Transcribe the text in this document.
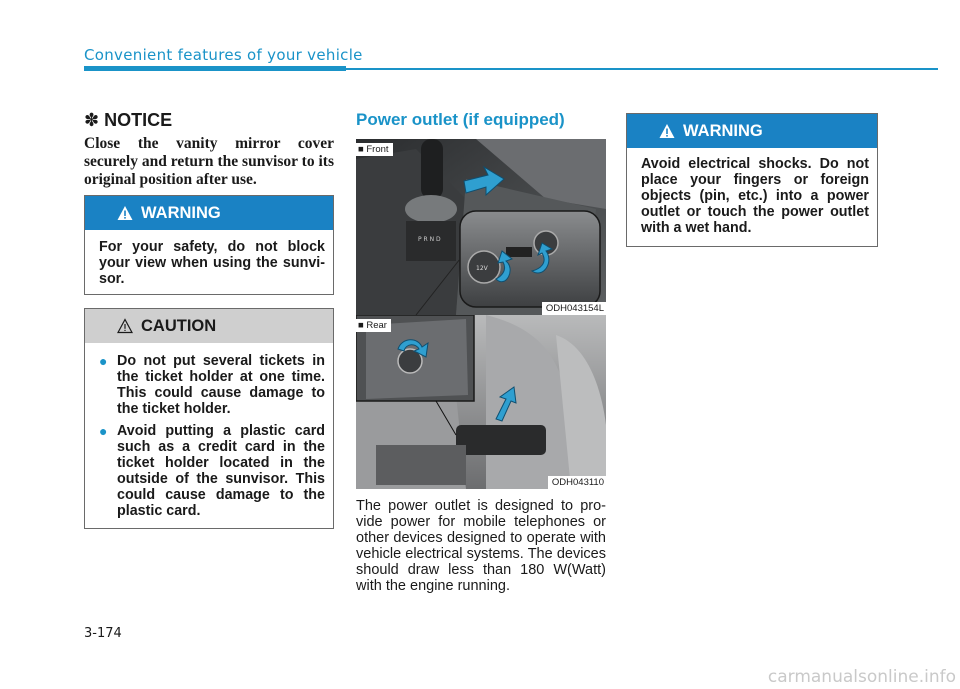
Convenient features of your vehicle
✽ NOTICE
Close the vanity mirror cover securely and return the sunvisor to its original position after use.
WARNING
For your safety, do not block your view when using the sunvi-sor.
CAUTION
● Do not put several tickets in the ticket holder at one time. This could cause damage to the ticket holder.
● Avoid putting a plastic card such as a credit card in the ticket holder located in the outside of the sunvisor. This could cause damage to the plastic card.
Power outlet (if equipped)
P R N D
12V
■ Front
ODH043154L
■ Rear
ODH043110
The power outlet is designed to pro-vide power for mobile telephones or other devices designed to operate with vehicle electrical systems. The devices should draw less than 180 W(Watt) with the engine running.
WARNING
Avoid electrical shocks. Do not place your fingers or foreign objects (pin, etc.) into a power outlet or touch the power outlet with a wet hand.
3-174
carmanualsonline.info
